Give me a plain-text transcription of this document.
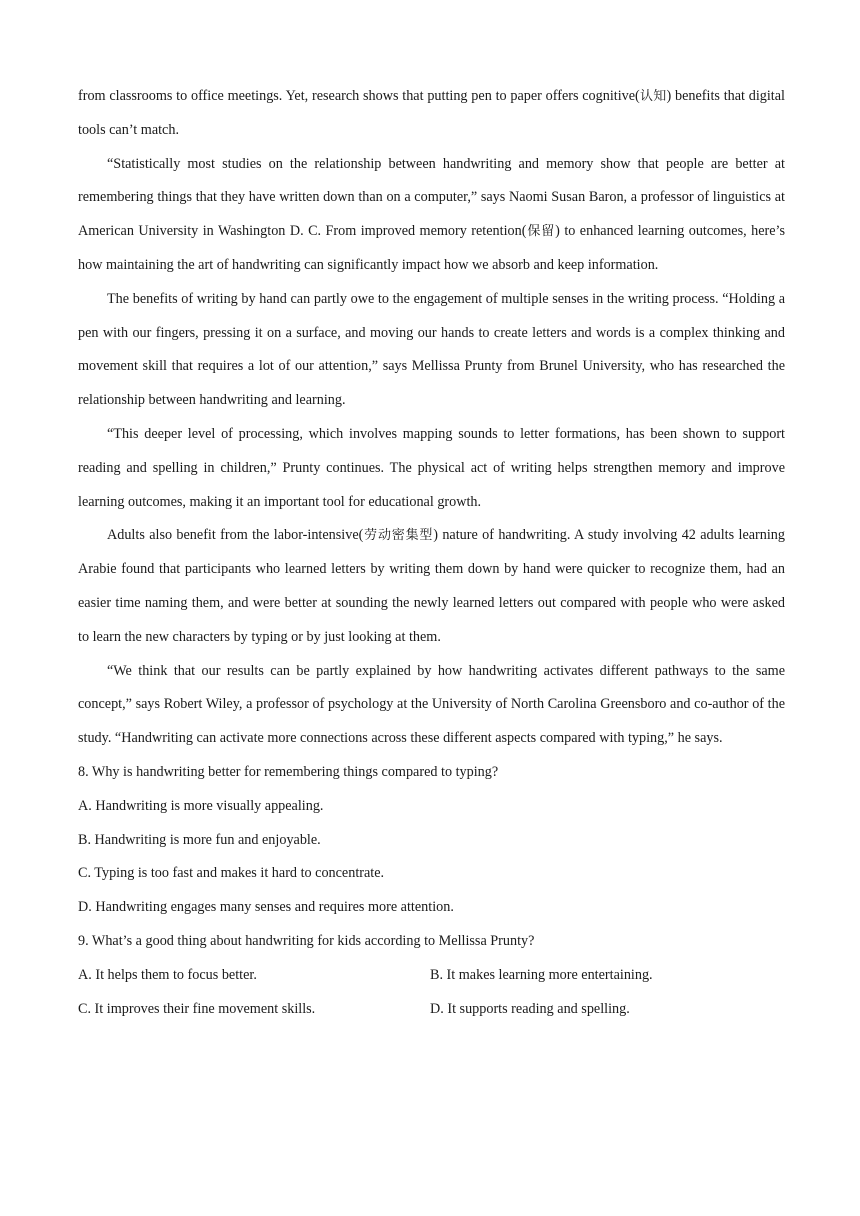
from classrooms to office meetings. Yet, research shows that putting pen to paper offers cognitive(认知) benefits that digital tools can’t match.

“Statistically most studies on the relationship between handwriting and memory show that people are better at remembering things that they have written down than on a computer,” says Naomi Susan Baron, a professor of linguistics at American University in Washington D. C. From improved memory retention(保留) to enhanced learning outcomes, here’s how maintaining the art of handwriting can significantly impact how we absorb and keep information.

The benefits of writing by hand can partly owe to the engagement of multiple senses in the writing process. “Holding a pen with our fingers, pressing it on a surface, and moving our hands to create letters and words is a complex thinking and movement skill that requires a lot of our attention,” says Mellissa Prunty from Brunel University, who has researched the relationship between handwriting and learning.

“This deeper level of processing, which involves mapping sounds to letter formations, has been shown to support reading and spelling in children,” Prunty continues. The physical act of writing helps strengthen memory and improve learning outcomes, making it an important tool for educational growth.

Adults also benefit from the labor-intensive(劳动密集型) nature of handwriting. A study involving 42 adults learning Arabie found that participants who learned letters by writing them down by hand were quicker to recognize them, had an easier time naming them, and were better at sounding the newly learned letters out compared with people who were asked to learn the new characters by typing or by just looking at them.

“We think that our results can be partly explained by how handwriting activates different pathways to the same concept,” says Robert Wiley, a professor of psychology at the University of North Carolina Greensboro and co-author of the study. “Handwriting can activate more connections across these different aspects compared with typing,” he says.

8. Why is handwriting better for remembering things compared to typing?

A. Handwriting is more visually appealing.

B. Handwriting is more fun and enjoyable.

C. Typing is too fast and makes it hard to concentrate.

D. Handwriting engages many senses and requires more attention.

9. What’s a good thing about handwriting for kids according to Mellissa Prunty?

A. It helps them to focus better.	B. It makes learning more entertaining.
C. It improves their fine movement skills.	D. It supports reading and spelling.
